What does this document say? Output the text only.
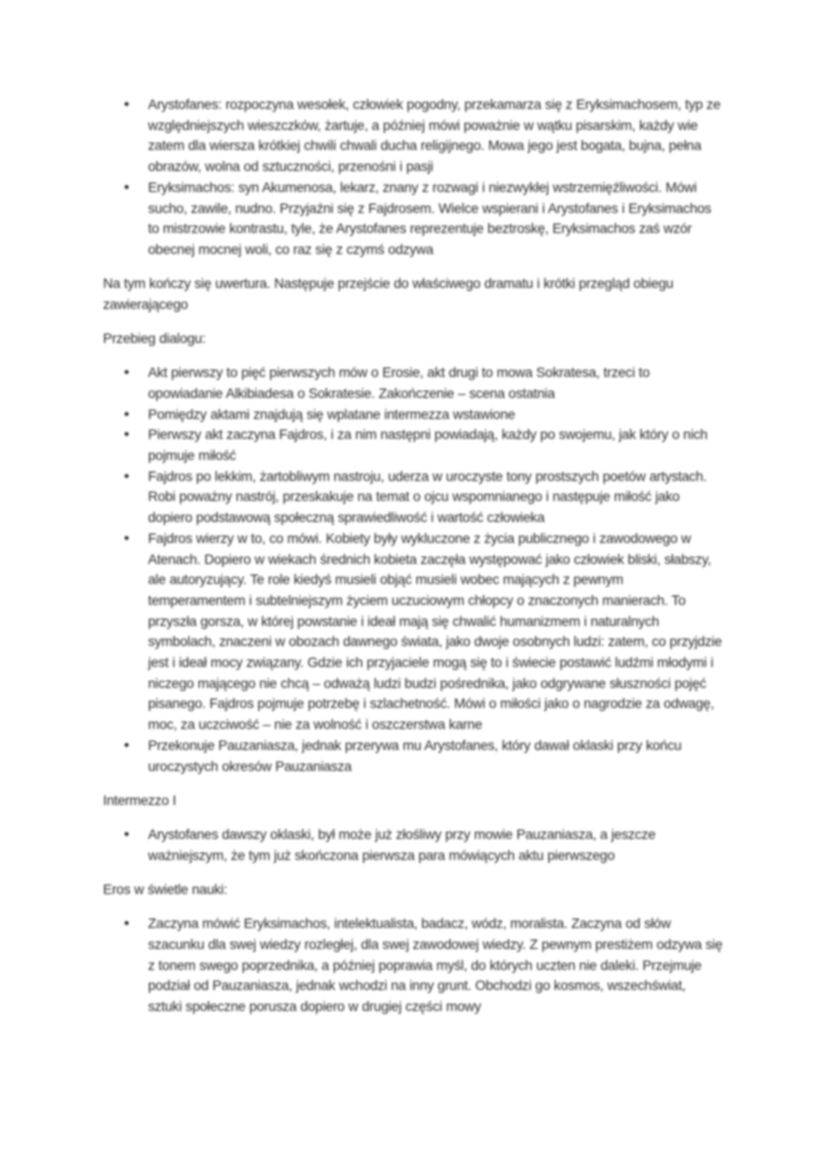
• Arystofanes: rozpoczyna wesołek, człowiek pogodny, przekamarza się z Eryksimachosem, typ ze względniejszych wieszczków, żartuje, a później mówi poważnie w wątku pisarskim, każdy wie zatem dla wiersza krótkiej chwili chwali ducha religijnego. Mowa jego jest bogata, bujna, pełna obrazów, wolna od sztuczności, przenośni i pasji
• Eryksimachos: syn Akumenosa, lekarz, znany z rozwagi i niezwykłej wstrzemięźliwości. Mówi sucho, zawile, nudno. Przyjaźni się z Fajdrosem. Wielce wspierani i Arystofanes i Eryksimachos to mistrzowie kontrastu, tyle, że Arystofanes reprezentuje beztroskę, Eryksimachos zaś wzór obecnej mocnej woli, co raz się z czymś odzywa

Na tym kończy się uwertura. Następuje przejście do właściwego dramatu i krótki przegląd obiegu zawierającego

Przebieg dialogu:

• Akt pierwszy to pięć pierwszych mów o Erosie, akt drugi to mowa Sokratesa, trzeci to opowiadanie Alkibiadesa o Sokratesie. Zakończenie – scena ostatnia
• Pomiędzy aktami znajdują się wplatane intermezza wstawione
• Pierwszy akt zaczyna Fajdros, i za nim następni powiadają, każdy po swojemu, jak który o nich pojmuje miłość
• Fajdros po lekkim, żartobliwym nastroju, uderza w uroczyste tony prostszych poetów artystach. Robi poważny nastrój, przeskakuje na temat o ojcu wspomnianego i następuje miłość jako dopiero podstawową społeczną sprawiedliwość i wartość człowieka
• Fajdros wierzy w to, co mówi. Kobiety były wykluczone z życia publicznego i zawodowego w Atenach. Dopiero w wiekach średnich kobieta zaczęła występować jako człowiek bliski, słabszy, ale autoryzujący. Te role kiedyś musieli objąć musieli wobec mających z pewnym temperamentem i subtelniejszym życiem uczuciowym chłopcy o znaczonych manierach. To przyszła gorsza, w której powstanie i ideał mają się chwalić humanizmem i naturalnych symbolach, znaczeni w obozach dawnego świata, jako dwoje osobnych ludzi: zatem, co przyjdzie jest i ideał mocy związany. Gdzie ich przyjaciele mogą się to i świecie postawić ludźmi młodymi i niczego mającego nie chcą – odważą ludzi budzi pośrednika, jako odgrywane słuszności pojęć pisanego. Fajdros pojmuje potrzebę i szlachetność. Mówi o miłości jako o nagrodzie za odwagę, moc, za uczciwość – nie za wolność i oszczerstwa karne
• Przekonuje Pauzaniasza, jednak przerywa mu Arystofanes, który dawał oklaski przy końcu uroczystych okresów Pauzaniasza

Intermezzo I

• Arystofanes dawszy oklaski, był może już złośliwy przy mowie Pauzaniasza, a jeszcze ważniejszym, że tym już skończona pierwsza para mówiących aktu pierwszego

Eros w świetle nauki:

• Zaczyna mówić Eryksimachos, intelektualista, badacz, wódz, moralista. Zaczyna od słów szacunku dla swej wiedzy rozległej, dla swej zawodowej wiedzy. Z pewnym prestiżem odzywa się z tonem swego poprzednika, a później poprawia myśl, do których uczten nie daleki. Przejmuje podział od Pauzaniasza, jednak wchodzi na inny grunt. Obchodzi go kosmos, wszechświat, sztuki społeczne porusza dopiero w drugiej części mowy
